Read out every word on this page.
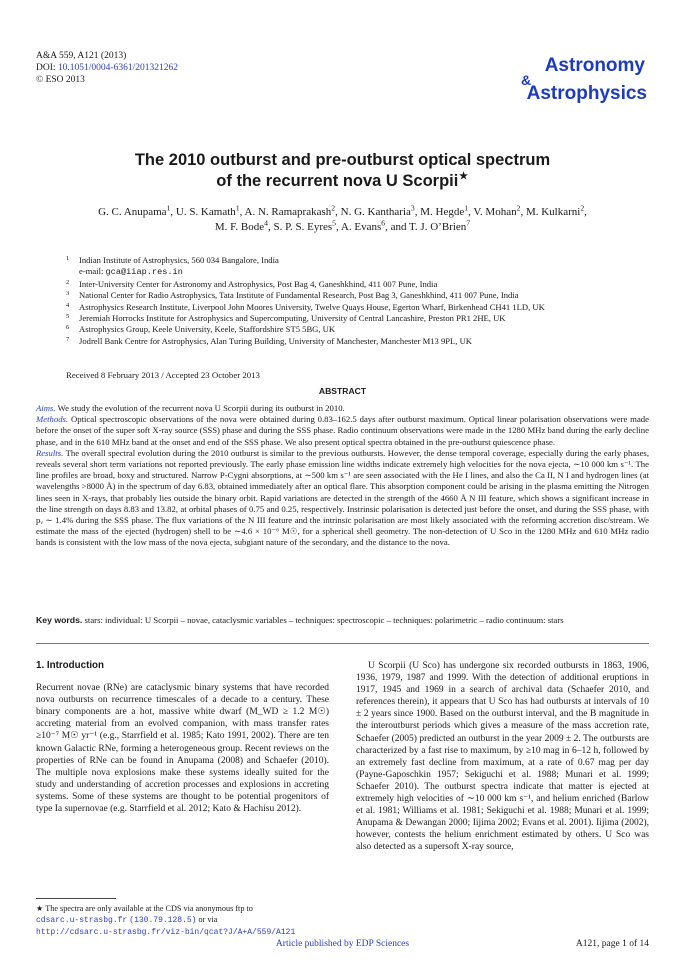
A&A 559, A121 (2013)
DOI: 10.1051/0004-6361/201321262
© ESO 2013
Astronomy
&
Astrophysics
The 2010 outburst and pre-outburst optical spectrum
of the recurrent nova U Scorpii★
G. C. Anupama$^1$, U. S. Kamath$^1$, A. N. Ramaprakash$^2$, N. G. Kantharia$^3$, M. Hegde$^1$, V. Mohan$^2$, M. Kulkarni$^2$,
M. F. Bode$^4$, S. P. S. Eyres$^5$, A. Evans$^6$, and T. J. O’Brien$^7$
1 Indian Institute of Astrophysics, 560 034 Bangalore, India
e-mail: gca@iiap.res.in
2 Inter-University Center for Astronomy and Astrophysics, Post Bag 4, Ganeshkhind, 411 007 Pune, India
3 National Center for Radio Astrophysics, Tata Institute of Fundamental Research, Post Bag 3, Ganeshkhind, 411 007 Pune, India
4 Astrophysics Research Institute, Liverpool John Moores University, Twelve Quays House, Egerton Wharf, Birkenhead CH41 1LD, UK
5 Jeremiah Horrocks Institute for Astrophysics and Supercomputing, University of Central Lancashire, Preston PR1 2HE, UK
6 Astrophysics Group, Keele University, Keele, Staffordshire ST5 5BG, UK
7 Jodrell Bank Centre for Astrophysics, Alan Turing Building, University of Manchester, Manchester M13 9PL, UK
Received 8 February 2013 / Accepted 23 October 2013
ABSTRACT
Aims. We study the evolution of the recurrent nova U Scorpii during its outburst in 2010.
Methods. Optical spectroscopic observations of the nova were obtained during 0.83–162.5 days after outburst maximum. Optical linear polarisation observations were made before the onset of the super soft X-ray source (SSS) phase and during the SSS phase. Radio continuum observations were made in the 1280 MHz band during the early decline phase, and in the 610 MHz band at the onset and end of the SSS phase. We also present optical spectra obtained in the pre-outburst quiescence phase.
Results. The overall spectral evolution during the 2010 outburst is similar to the previous outbursts. However, the dense temporal coverage, especially during the early phases, reveals several short term variations not reported previously. The early phase emission line widths indicate extremely high velocities for the nova ejecta, ∼10 000 km s⁻¹. The line profiles are broad, boxy and structured. Narrow P-Cygni absorptions, at ∼500 km s⁻¹ are seen associated with the He I lines, and also the Ca II, N I and hydrogen lines (at wavelengths >8000 Å) in the spectrum of day 6.83, obtained immediately after an optical flare. This absorption component could be arising in the plasma emitting the Nitrogen lines seen in X-rays, that probably lies outside the binary orbit. Rapid variations are detected in the strength of the 4660 Å N III feature, which shows a significant increase in the line strength on days 8.83 and 13.82, at orbital phases of 0.75 and 0.25, respectively. Instrinsic polarisation is detected just before the onset, and during the SSS phase, with pᵥ ∼ 1.4% during the SSS phase. The flux variations of the N III feature and the intrinsic polarisation are most likely associated with the reforming accretion disc/stream. We estimate the mass of the ejected (hydrogen) shell to be ∼4.6 × 10⁻⁶ M☉, for a spherical shell geometry. The non-detection of U Sco in the 1280 MHz and 610 MHz radio bands is consistent with the low mass of the nova ejecta, subgiant nature of the secondary, and the distance to the nova.
Key words. stars: individual: U Scorpii – novae, cataclysmic variables – techniques: spectroscopic – techniques: polarimetric – radio continuum: stars
1. Introduction

Recurrent novae (RNe) are cataclysmic binary systems that have recorded nova outbursts on recurrence timescales of a decade to a century. These binary components are a hot, massive white dwarf (M_WD ≥ 1.2 M☉) accreting material from an evolved companion, with mass transfer rates ≥10⁻⁷ M☉ yr⁻¹ (e.g., Starrfield et al. 1985; Kato 1991, 2002). There are ten known Galactic RNe, forming a heterogeneous group. Recent reviews on the properties of RNe can be found in Anupama (2008) and Schaefer (2010). The multiple nova explosions make these systems ideally suited for the study and understanding of accretion processes and explosions in accreting systems. Some of these systems are thought to be potential progenitors of type Ia supernovae (e.g. Starrfield et al. 2012; Kato & Hachisu 2012).

U Scorpii (U Sco) has undergone six recorded outbursts in 1863, 1906, 1936, 1979, 1987 and 1999. With the detection of additional eruptions in 1917, 1945 and 1969 in a search of archival data (Schaefer 2010, and references therein), it appears that U Sco has had outbursts at intervals of 10 ± 2 years since 1900. Based on the outburst interval, and the B magnitude in the interoutburst periods which gives a measure of the mass accretion rate, Schaefer (2005) predicted an outburst in the year 2009 ± 2. The outbursts are characterized by a fast rise to maximum, by ≥10 mag in 6–12 h, followed by an extremely fast decline from maximum, at a rate of 0.67 mag per day (Payne-Gaposchkin 1957; Sekiguchi et al. 1988; Munari et al. 1999; Schaefer 2010). The outburst spectra indicate that matter is ejected at extremely high velocities of ∼10 000 km s⁻¹, and helium enriched (Barlow et al. 1981; Williams et al. 1981; Sekiguchi et al. 1988; Munari et al. 1999; Anupama & Dewangan 2000; Iijima 2002; Evans et al. 2001). Iijima (2002), however, contests the helium enrichment estimated by others. U Sco was also detected as a supersoft X-ray source,

★ The spectra are only available at the CDS via anonymous ftp to
cdsarc.u-strasbg.fr (130.79.128.5) or via
http://cdsarc.u-strasbg.fr/viz-bin/qcat?J/A+A/559/A121
Article published by EDP Sciences	A121, page 1 of 14
